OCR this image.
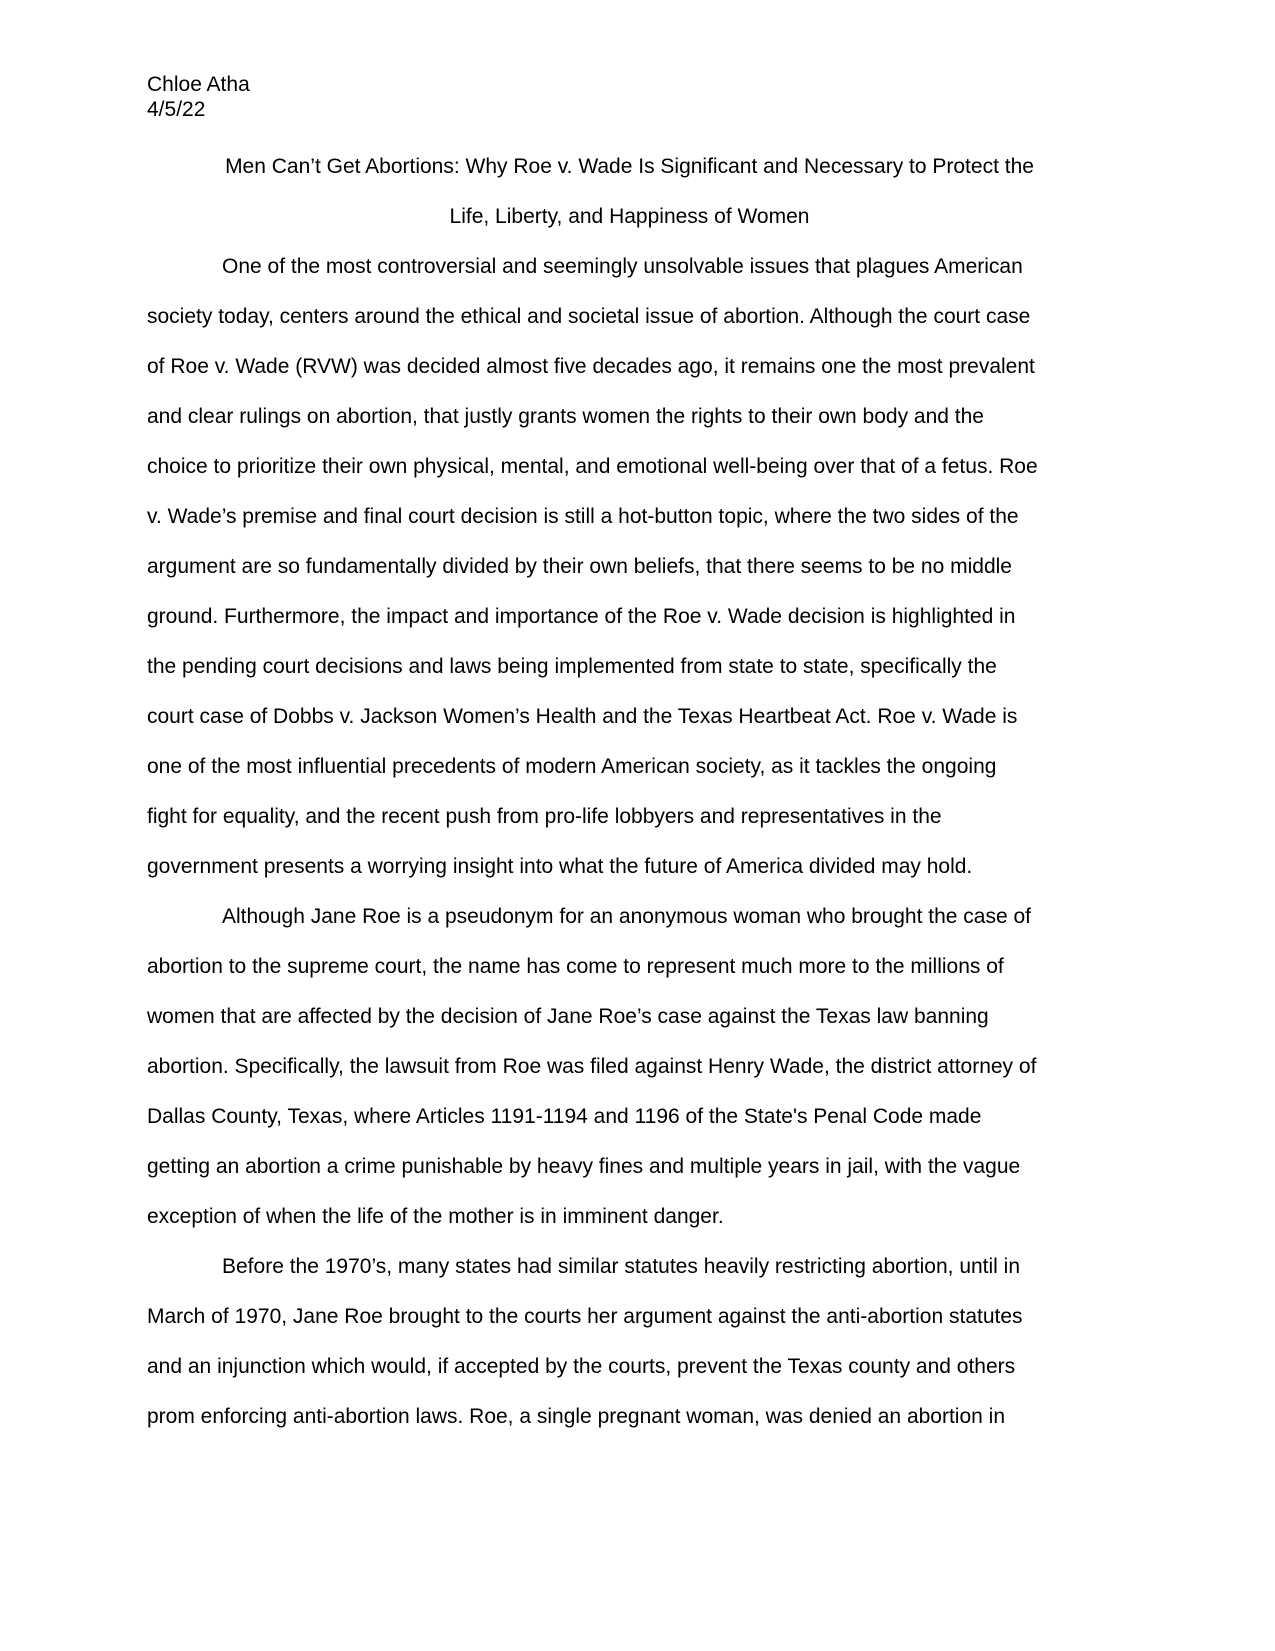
Chloe Atha
4/5/22
Men Can’t Get Abortions: Why Roe v. Wade Is Significant and Necessary to Protect the
Life, Liberty, and Happiness of Women
One of the most controversial and seemingly unsolvable issues that plagues American
society today, centers around the ethical and societal issue of abortion. Although the court case
of Roe v. Wade (RVW) was decided almost five decades ago, it remains one the most prevalent
and clear rulings on abortion, that justly grants women the rights to their own body and the
choice to prioritize their own physical, mental, and emotional well-being over that of a fetus. Roe
v. Wade’s premise and final court decision is still a hot-button topic, where the two sides of the
argument are so fundamentally divided by their own beliefs, that there seems to be no middle
ground. Furthermore, the impact and importance of the Roe v. Wade decision is highlighted in
the pending court decisions and laws being implemented from state to state, specifically the
court case of Dobbs v. Jackson Women’s Health and the Texas Heartbeat Act. Roe v. Wade is
one of the most influential precedents of modern American society, as it tackles the ongoing
fight for equality, and the recent push from pro-life lobbyers and representatives in the
government presents a worrying insight into what the future of America divided may hold.
Although Jane Roe is a pseudonym for an anonymous woman who brought the case of
abortion to the supreme court, the name has come to represent much more to the millions of
women that are affected by the decision of Jane Roe’s case against the Texas law banning
abortion. Specifically, the lawsuit from Roe was filed against Henry Wade, the district attorney of
Dallas County, Texas, where Articles 1191-1194 and 1196 of the State's Penal Code made
getting an abortion a crime punishable by heavy fines and multiple years in jail, with the vague
exception of when the life of the mother is in imminent danger.
Before the 1970’s, many states had similar statutes heavily restricting abortion, until in
March of 1970, Jane Roe brought to the courts her argument against the anti-abortion statutes
and an injunction which would, if accepted by the courts, prevent the Texas county and others
prom enforcing anti-abortion laws. Roe, a single pregnant woman, was denied an abortion in
